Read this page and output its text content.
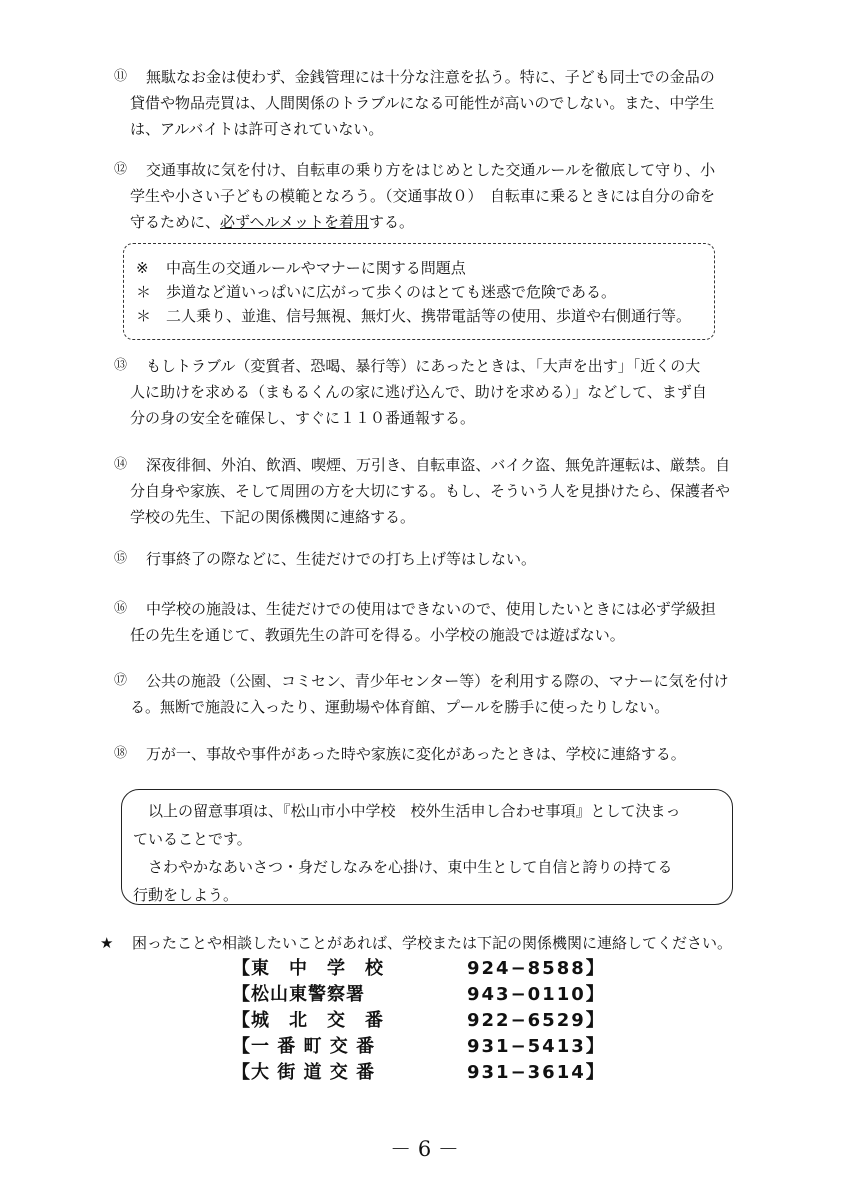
⑪	無駄なお金は使わず、金銭管理には十分な注意を払う。特に、子ども同士での金品の
貸借や物品売買は、人間関係のトラブルになる可能性が高いのでしない。また、中学生
は、アルバイトは許可されていない。
⑫	交通事故に気を付け、自転車の乗り方をはじめとした交通ルールを徹底して守り、小
学生や小さい子どもの模範となろう。（交通事故０）　自転車に乗るときには自分の命を
守るために、必ずヘルメットを着用する。
※ 中高生の交通ルールやマナーに関する問題点
＊ 歩道など道いっぱいに広がって歩くのはとても迷惑で危険である。
＊ 二人乗り、並進、信号無視、無灯火、携帯電話等の使用、歩道や右側通行等。
⑬	もしトラブル（変質者、恐喝、暴行等）にあったときは、「大声を出す」「近くの大
人に助けを求める（まもるくんの家に逃げ込んで、助けを求める）」などして、まず自
分の身の安全を確保し、すぐに１１０番通報する。
⑭	深夜徘徊、外泊、飲酒、喫煙、万引き、自転車盗、バイク盗、無免許運転は、厳禁。自
分自身や家族、そして周囲の方を大切にする。もし、そういう人を見掛けたら、保護者や
学校の先生、下記の関係機関に連絡する。
⑮	行事終了の際などに、生徒だけでの打ち上げ等はしない。
⑯	中学校の施設は、生徒だけでの使用はできないので、使用したいときには必ず学級担
任の先生を通じて、教頭先生の許可を得る。小学校の施設では遊ばない。
⑰	公共の施設（公園、コミセン、青少年センター等）を利用する際の、マナーに気を付け
る。無断で施設に入ったり、運動場や体育館、プールを勝手に使ったりしない。
⑱	万が一、事故や事件があった時や家族に変化があったときは、学校に連絡する。
　以上の留意事項は、『松山市小中学校　校外生活申し合わせ事項』として決まっ
ていることです。
　さわやかなあいさつ・身だしなみを心掛け、東中生として自信と誇りの持てる
行動をしよう。
★ 困ったことや相談したいことがあれば、学校または下記の関係機関に連絡してください。
【東　中　学　校	924−8588】
【松山東警察署	943−0110】
【城　北　交　番	922−6529】
【一 番 町 交 番	931−5413】
【大 街 道 交 番	931−3614】
－ 6 －
